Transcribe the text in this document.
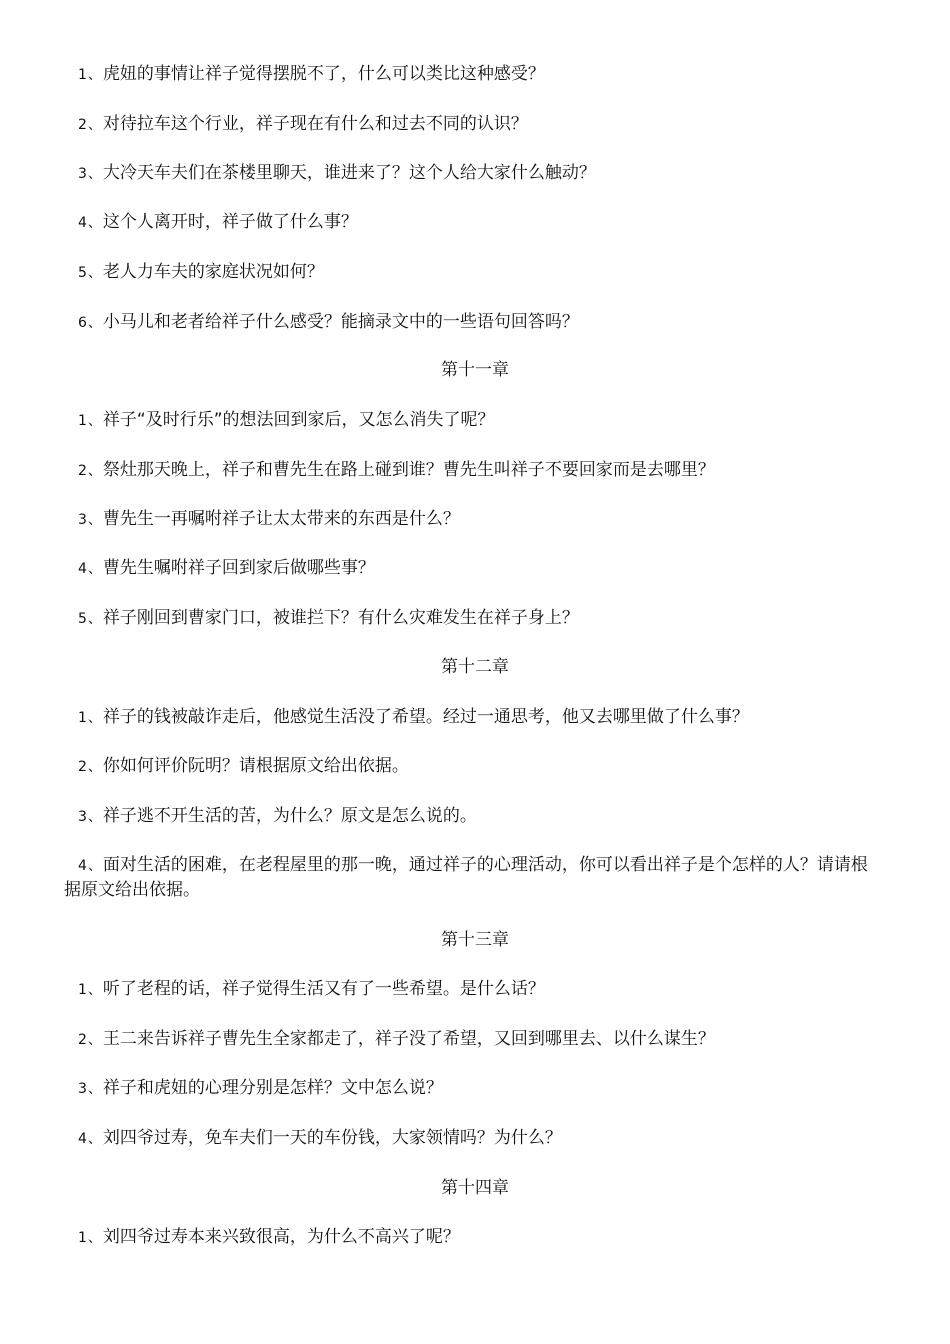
1、虎妞的事情让祥子觉得摆脱不了，什么可以类比这种感受？
2、对待拉车这个行业，祥子现在有什么和过去不同的认识？
3、大冷天车夫们在茶楼里聊天，谁进来了？这个人给大家什么触动？
4、这个人离开时，祥子做了什么事？
5、老人力车夫的家庭状况如何？
6、小马儿和老者给祥子什么感受？能摘录文中的一些语句回答吗？
第十一章
1、祥子“及时行乐”的想法回到家后，又怎么消失了呢？
2、祭灶那天晚上，祥子和曹先生在路上碰到谁？曹先生叫祥子不要回家而是去哪里？
3、曹先生一再嘱咐祥子让太太带来的东西是什么？
4、曹先生嘱咐祥子回到家后做哪些事？
5、祥子刚回到曹家门口，被谁拦下？有什么灾难发生在祥子身上？
第十二章
1、祥子的钱被敲诈走后，他感觉生活没了希望。经过一通思考，他又去哪里做了什么事？
2、你如何评价阮明？请根据原文给出依据。
3、祥子逃不开生活的苦，为什么？原文是怎么说的。
4、面对生活的困难，在老程屋里的那一晚，通过祥子的心理活动，你可以看出祥子是个怎样的人？请请根据原文给出依据。
第十三章
1、听了老程的话，祥子觉得生活又有了一些希望。是什么话？
2、王二来告诉祥子曹先生全家都走了，祥子没了希望，又回到哪里去、以什么谋生？
3、祥子和虎妞的心理分别是怎样？文中怎么说？
4、刘四爷过寿，免车夫们一天的车份钱，大家领情吗？为什么？
第十四章
1、刘四爷过寿本来兴致很高，为什么不高兴了呢？
